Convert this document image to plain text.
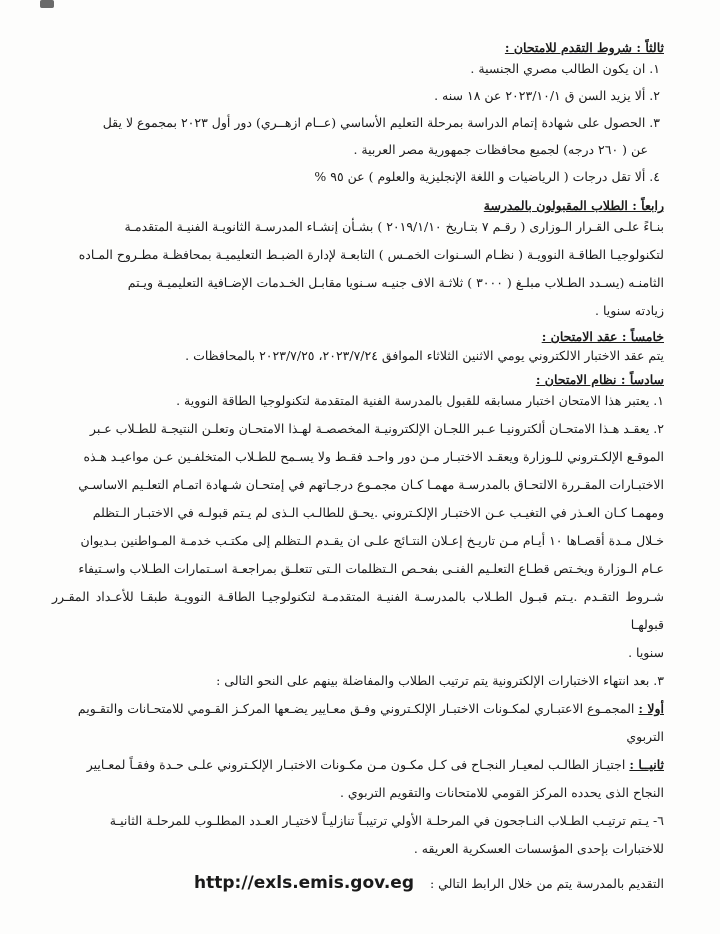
ثالثاً : شروط التقدم للامتحان :

١. ان يكون الطالب مصري الجنسية .

٢. ألا يزيد السن ق ٢٠٢٣/١٠/١ عن ١٨ سنه .

٣. الحصول على شهادة إتمام الدراسة بمرحلة التعليم الأساسي (عــام ازهــري) دور أول ٢٠٢٣ بمجموع لا يقل

عن ( ٢٦٠ درجه) لجميع محافظات جمهورية مصر العربية .

٤. ألا تقل درجات ( الرياضيات و اللغة الإنجليزية والعلوم ) عن ٩٥ %

رابعاً : الطلاب المقبولون بالمدرسة

بنـاءً علـى القـرار الـوزارى ( رقـم ٧ بتـاريخ ٢٠١٩/١/١٠ ) بشـأن إنشـاء المدرسـة الثانويـة الفنيـة المتقدمـة

لتكنولوجيـا الطاقـة النوويـة ( نظـام السـنوات الخمـس ) التابعـة لإدارة الضبـط التعليميـة بمحافظـة مطـروح المـاده

الثامنـه (يسـدد الطـلاب مبلـغ ( ٣٠٠٠ ) ثلاثـة الاف جنيـه سـنويا مقابـل الخـدمات الإضـافية التعليميـة ويـتم

زيادته سنويا .

خامساً : عقد الامتحان :

يتم عقد الاختبار الالكتروني يومي الاثنين الثلاثاء الموافق ٢٠٢٣/٧/٢٤، ٢٠٢٣/٧/٢٥ بالمحافظات .

سادساً : نظام الامتحان :

١. يعتبر هذا الامتحان اختبار مسابقه للقبول بالمدرسة الفنية المتقدمة لتكنولوجيا الطاقة النووية .

٢. يعقـد هـذا الامتحـان ألكترونيـا عـبر اللجـان الإلكترونيـة المخصصـة لهـذا الامتحـان وتعلـن النتيجـة للطـلاب عـبر

الموقـع الإلكـتروني للـوزارة ويعقـد الاختبـار مـن دور واحـد فقـط ولا يسـمح للطـلاب المتخلفـين عـن مواعيـد هـذه

الاختبـارات المقـررة الالتحـاق بالمدرسـة مهمـا كـان مجمـوع درجـاتهم في إمتحـان شـهادة اتمـام التعلـيم الاساسـي

ومهمـا كـان العـذر في التغيـب عـن الاختبـار الإلكـتروني .يحـق للطالـب الـذى لم يـتم قبولـه في الاختبـار الـتظلم

خـلال مـدة أقصـاها ١٠ أيـام مـن تاريـخ إعـلان النتـائج علـى ان يقـدم الـتظلم إلى مكتـب خدمـة المـواطنين بـديوان

عـام الـوزارة ويخـتص قطـاع التعلـيم الفنـى بفحـص الـتظلمات الـتى تتعلـق بمراجعـة اسـتمارات الطـلاب واسـتيفاء

شـروط التقـدم .يـتم قبـول الطـلاب بالمدرسـة الفنيـة المتقدمـة لتكنولوجيـا الطاقـة النوويـة طبقـا للأعـداد المقـرر قبولهـا

سنويا .

٣. بعد انتهاء الاختبارات الإلكترونية يتم ترتيب الطلاب والمفاضلة بينهم على النحو التالى :

أولا : المجمـوع الاعتبـاري لمكـونات الاختبـار الإلكـتروني وفـق معـايير يضـعها المركـز القـومي للامتحـانات والتقـويم

التربوي

ثانيــا : اجتيـاز الطالـب لمعيـار النجـاح فى كـل مكـون مـن مكـونات الاختبـار الإلكـتروني علـى حـدة وفقـاً لمعـايير

النجاح الذى يحدده المركز القومي للامتحانات والتقويم التربوي .

٦- يـتم ترتيـب الطـلاب النـاجحون في المرحلـة الأولي ترتيبـاً تنازليـاً لاختيـار العـدد المطلـوب للمرحلـة الثانيـة

للاختبارات بإحدى المؤسسات العسكرية العريقه .

التقديم بالمدرسة يتم من خلال الرابط التالي : http://exls.emis.gov.eg
